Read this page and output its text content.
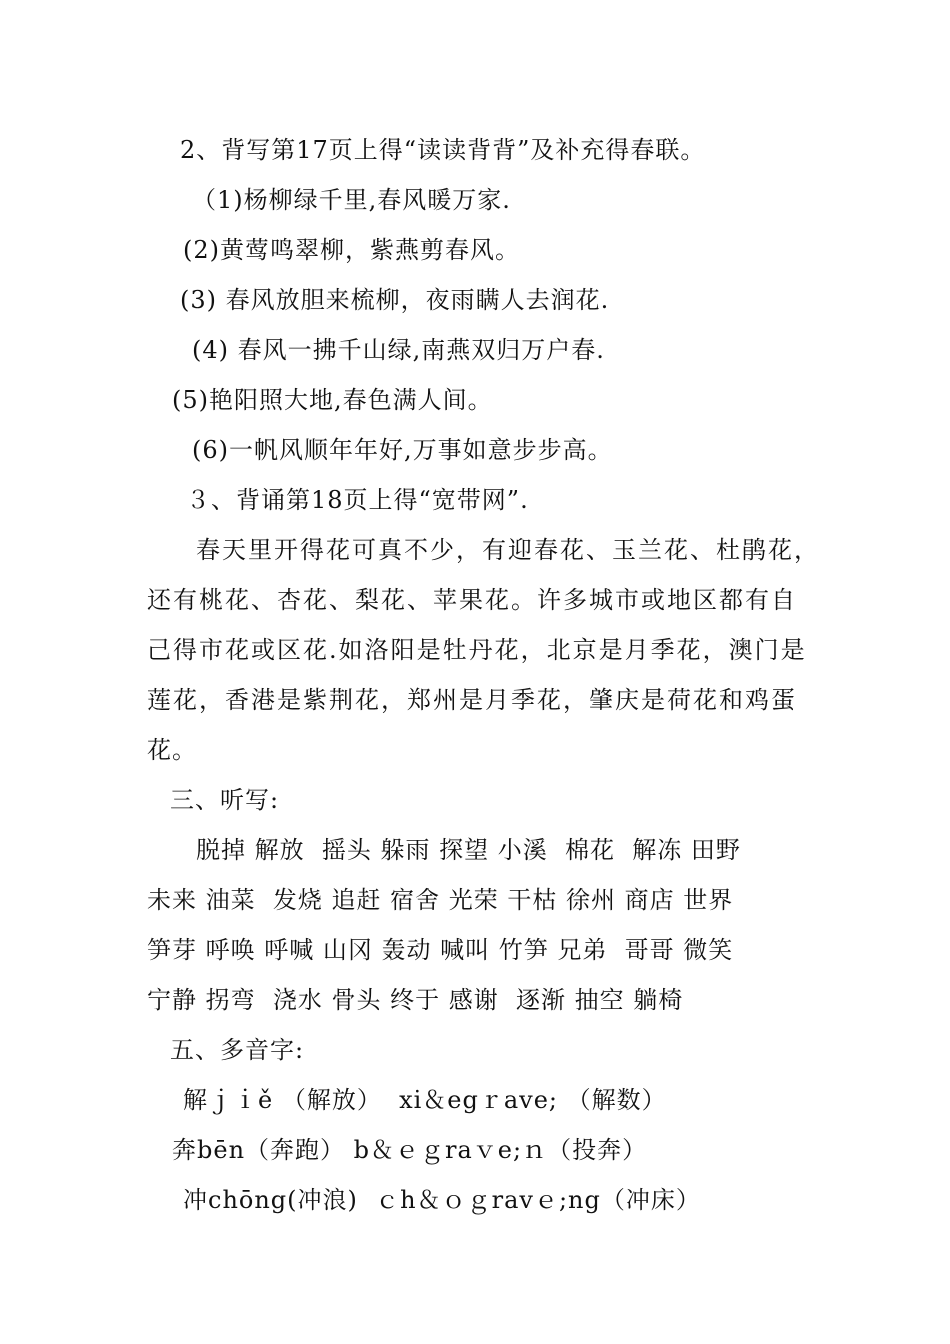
2、背写第17页上得“读读背背”及补充得春联。
（1)杨柳绿千里,春风暖万家.
(2)黄莺鸣翠柳，紫燕剪春风。
(3) 春风放胆来梳柳，夜雨瞒人去润花.
(4) 春风一拂千山绿,南燕双归万户春.
(5)艳阳照大地,春色满人间。
(6)一帆风顺年年好,万事如意步步高。
３、背诵第18页上得“宽带网”.
春天里开得花可真不少，有迎春花、玉兰花、杜鹃花，
还有桃花、杏花、梨花、苹果花。许多城市或地区都有自
己得市花或区花.如洛阳是牡丹花，北京是月季花，澳门是
莲花，香港是紫荆花，郑州是月季花，肇庆是荷花和鸡蛋
花。
三、听写:
脱掉 解放  摇头 躲雨 探望 小溪  棉花  解冻 田野
未来 油菜  发烧 追赶 宿舍 光荣 干枯 徐州 商店 世界
笋芽 呼唤 呼喊 山冈 轰动 喊叫 竹笋 兄弟  哥哥 微笑
宁静 拐弯  浇水 骨头 终于 感谢  逐渐 抽空 躺椅
五、多音字:
解ｊｉě （解放）  xi＆egｒave; （解数）
奔bēn（奔跑） b＆ｅｇraｖe;ｎ（投奔）
冲chōng(冲浪)  ｃh＆ｏｇravｅ;ng（冲床）
